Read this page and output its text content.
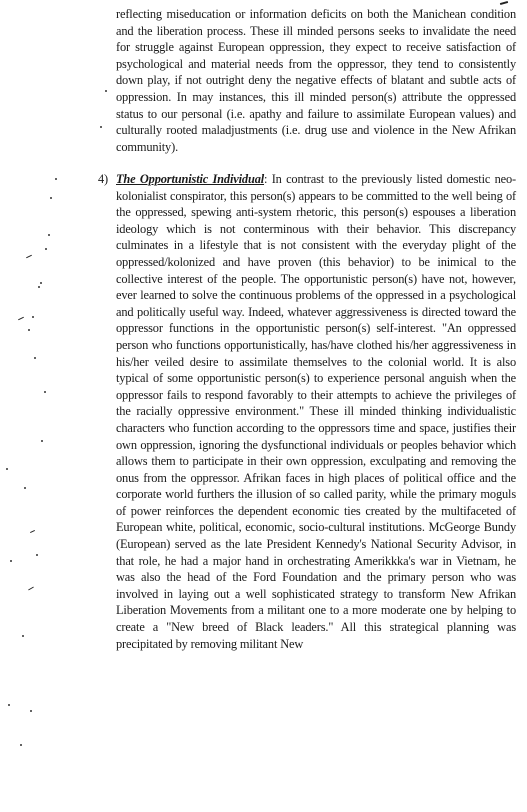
reflecting miseducation or information deficits on both the Manichean condition and the liberation process. These ill minded persons seeks to invalidate the need for struggle against European oppression, they expect to receive satisfaction of psychological and material needs from the oppressor, they tend to consistently down play, if not outright deny the negative effects of blatant and subtle acts of oppression. In may instances, this ill minded person(s) attribute the oppressed status to our personal (i.e. apathy and failure to assimilate European values) and culturally rooted maladjustments (i.e. drug use and violence in the New Afrikan community).
4) The Opportunistic Individual: In contrast to the previously listed domestic neo-kolonialist conspirator, this person(s) appears to be committed to the well being of the oppressed, spewing anti-system rhetoric, this person(s) espouses a liberation ideology which is not conterminous with their behavior. This discrepancy culminates in a lifestyle that is not consistent with the everyday plight of the oppressed/kolonized and have proven (this behavior) to be inimical to the collective interest of the people. The opportunistic person(s) have not, however, ever learned to solve the continuous problems of the oppressed in a psychological and politically useful way. Indeed, whatever aggressiveness is directed toward the oppressor functions in the opportunistic person(s) self-interest. "An oppressed person who functions opportunistically, has/have clothed his/her aggressiveness in his/her veiled desire to assimilate themselves to the colonial world. It is also typical of some opportunistic person(s) to experience personal anguish when the oppressor fails to respond favorably to their attempts to achieve the privileges of the racially oppressive environment." These ill minded thinking individualistic characters who function according to the oppressors time and space, justifies their own oppression, ignoring the dysfunctional individuals or peoples behavior which allows them to participate in their own oppression, exculpating and removing the onus from the oppressor. Afrikan faces in high places of political office and the corporate world furthers the illusion of so called parity, while the primary moguls of power reinforces the dependent economic ties created by the multifaceted of European white, political, economic, socio-cultural institutions. McGeorge Bundy (European) served as the late President Kennedy's National Security Advisor, in that role, he had a major hand in orchestrating Amerikkka's war in Vietnam, he was also the head of the Ford Foundation and the primary person who was involved in laying out a well sophisticated strategy to transform New Afrikan Liberation Movements from a militant one to a more moderate one by helping to create a "New breed of Black leaders." All this strategical planning was precipitated by removing militant New
